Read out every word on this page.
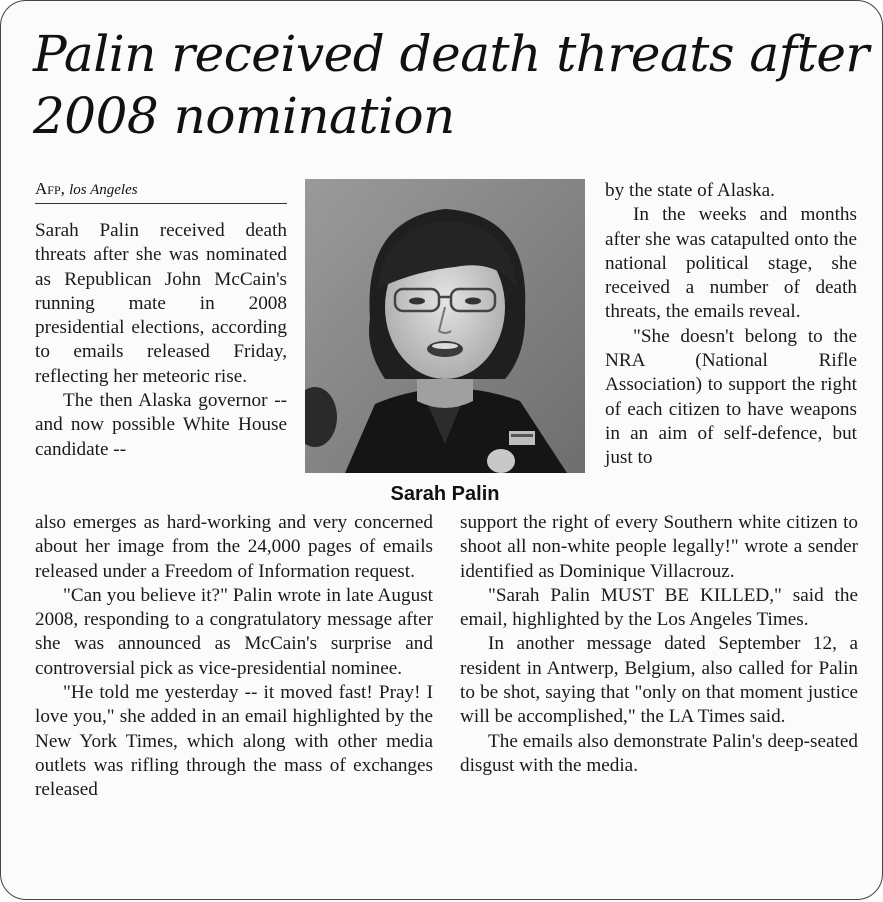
Palin received death threats after 2008 nomination
Afp, los Angeles

Sarah Palin received death threats after she was nominated as Republican John McCain's running mate in 2008 presidential elections, according to emails released Friday, reflecting her meteoric rise.

The then Alaska governor -- and now possible White House candidate --

Sarah Palin

also emerges as hard-working and very concerned about her image from the 24,000 pages of emails released under a Freedom of Information request.

"Can you believe it?" Palin wrote in late August 2008, responding to a congratulatory message after she was announced as McCain's surprise and controversial pick as vice-presidential nominee.

"He told me yesterday -- it moved fast! Pray! I love you," she added in an email highlighted by the New York Times, which along with other media outlets was rifling through the mass of exchanges released

by the state of Alaska.

In the weeks and months after she was catapulted onto the national political stage, she received a number of death threats, the emails reveal.

"She doesn't belong to the NRA (National Rifle Association) to support the right of each citizen to have weapons in an aim of self-defence, but just to

support the right of every Southern white citizen to shoot all non-white people legally!" wrote a sender identified as Dominique Villacrouz.

"Sarah Palin MUST BE KILLED," said the email, highlighted by the Los Angeles Times.

In another message dated September 12, a resident in Antwerp, Belgium, also called for Palin to be shot, saying that "only on that moment justice will be accomplished," the LA Times said.

The emails also demonstrate Palin's deep-seated disgust with the media.
